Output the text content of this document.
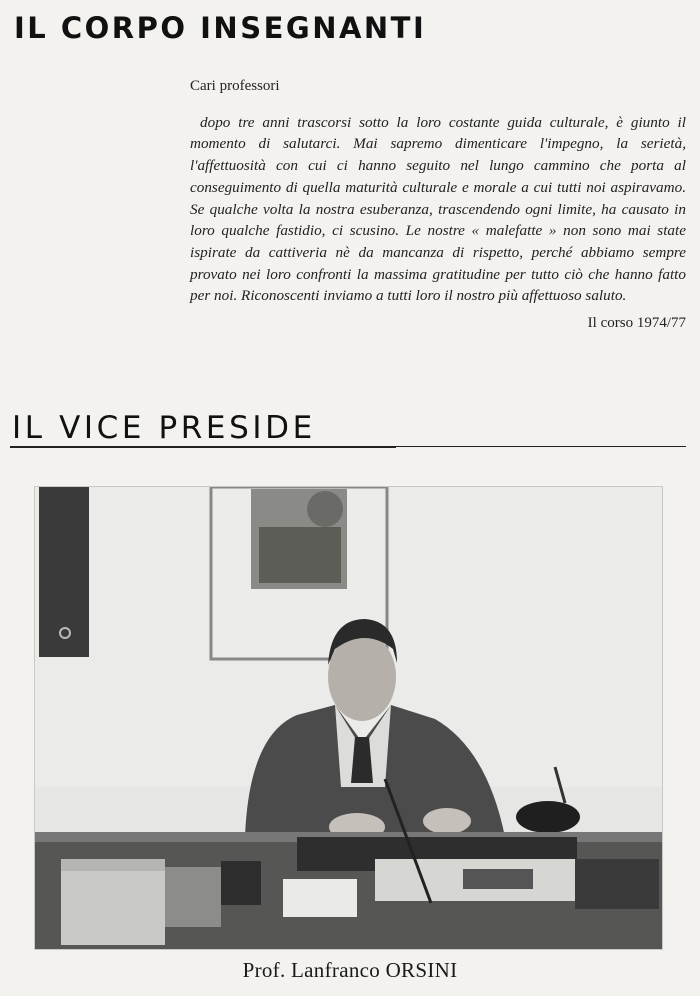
IL CORPO INSEGNANTI

Cari professori

dopo tre anni trascorsi sotto la loro costante guida culturale, è giunto il momento di salutarci. Mai sapremo dimenticare l'impegno, la serietà, l'affettuosità con cui ci hanno seguito nel lungo cammino che porta al conseguimento di quella maturità culturale e morale a cui tutti noi aspiravamo. Se qualche volta la nostra esuberanza, trascendendo ogni limite, ha causato in loro qualche fastidio, ci scusino. Le nostre « malefatte » non sono mai state ispirate da cattiveria nè da mancanza di rispetto, perché abbiamo sempre provato nei loro confronti la massima gratitudine per tutto ciò che hanno fatto per noi. Riconoscenti inviamo a tutti loro il nostro più affettuoso saluto.

Il corso 1974/77

IL VICE PRESIDE
Prof. Lanfranco ORSINI
